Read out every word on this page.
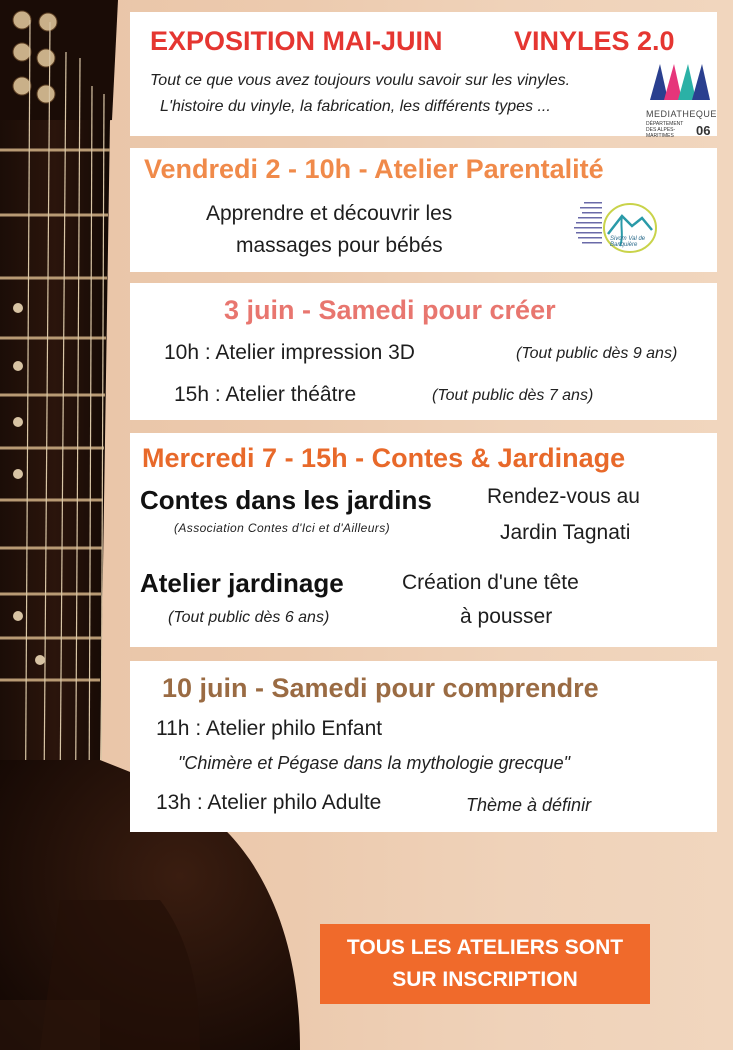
EXPOSITION MAI-JUIN	VINYLES 2.0
Tout ce que vous avez toujours voulu savoir sur les vinyles.
L'histoire du vinyle, la fabrication, les différents types ...	MEDIATHEQUE
DÉPARTEMENT DES ALPES-MARITIMES	06
Vendredi 2 - 10h - Atelier Parentalité
Apprendre et découvrir les
massages pour bébés	Sivom Val de Banquière
3 juin - Samedi pour créer
10h : Atelier impression 3D	(Tout public dès 9 ans)
15h : Atelier théâtre	(Tout public dès 7 ans)
Mercredi 7 - 15h - Contes & Jardinage
Contes dans les jardins
(Association Contes d'Ici et d'Ailleurs)
Rendez-vous au
Jardin Tagnati
Atelier jardinage
(Tout public dès 6 ans)
Création d'une tête
à pousser
10 juin - Samedi pour comprendre
11h : Atelier philo Enfant
"Chimère et Pégase dans la mythologie grecque"
13h : Atelier philo Adulte	Thème à définir
TOUS LES ATELIERS SONT
SUR INSCRIPTION
